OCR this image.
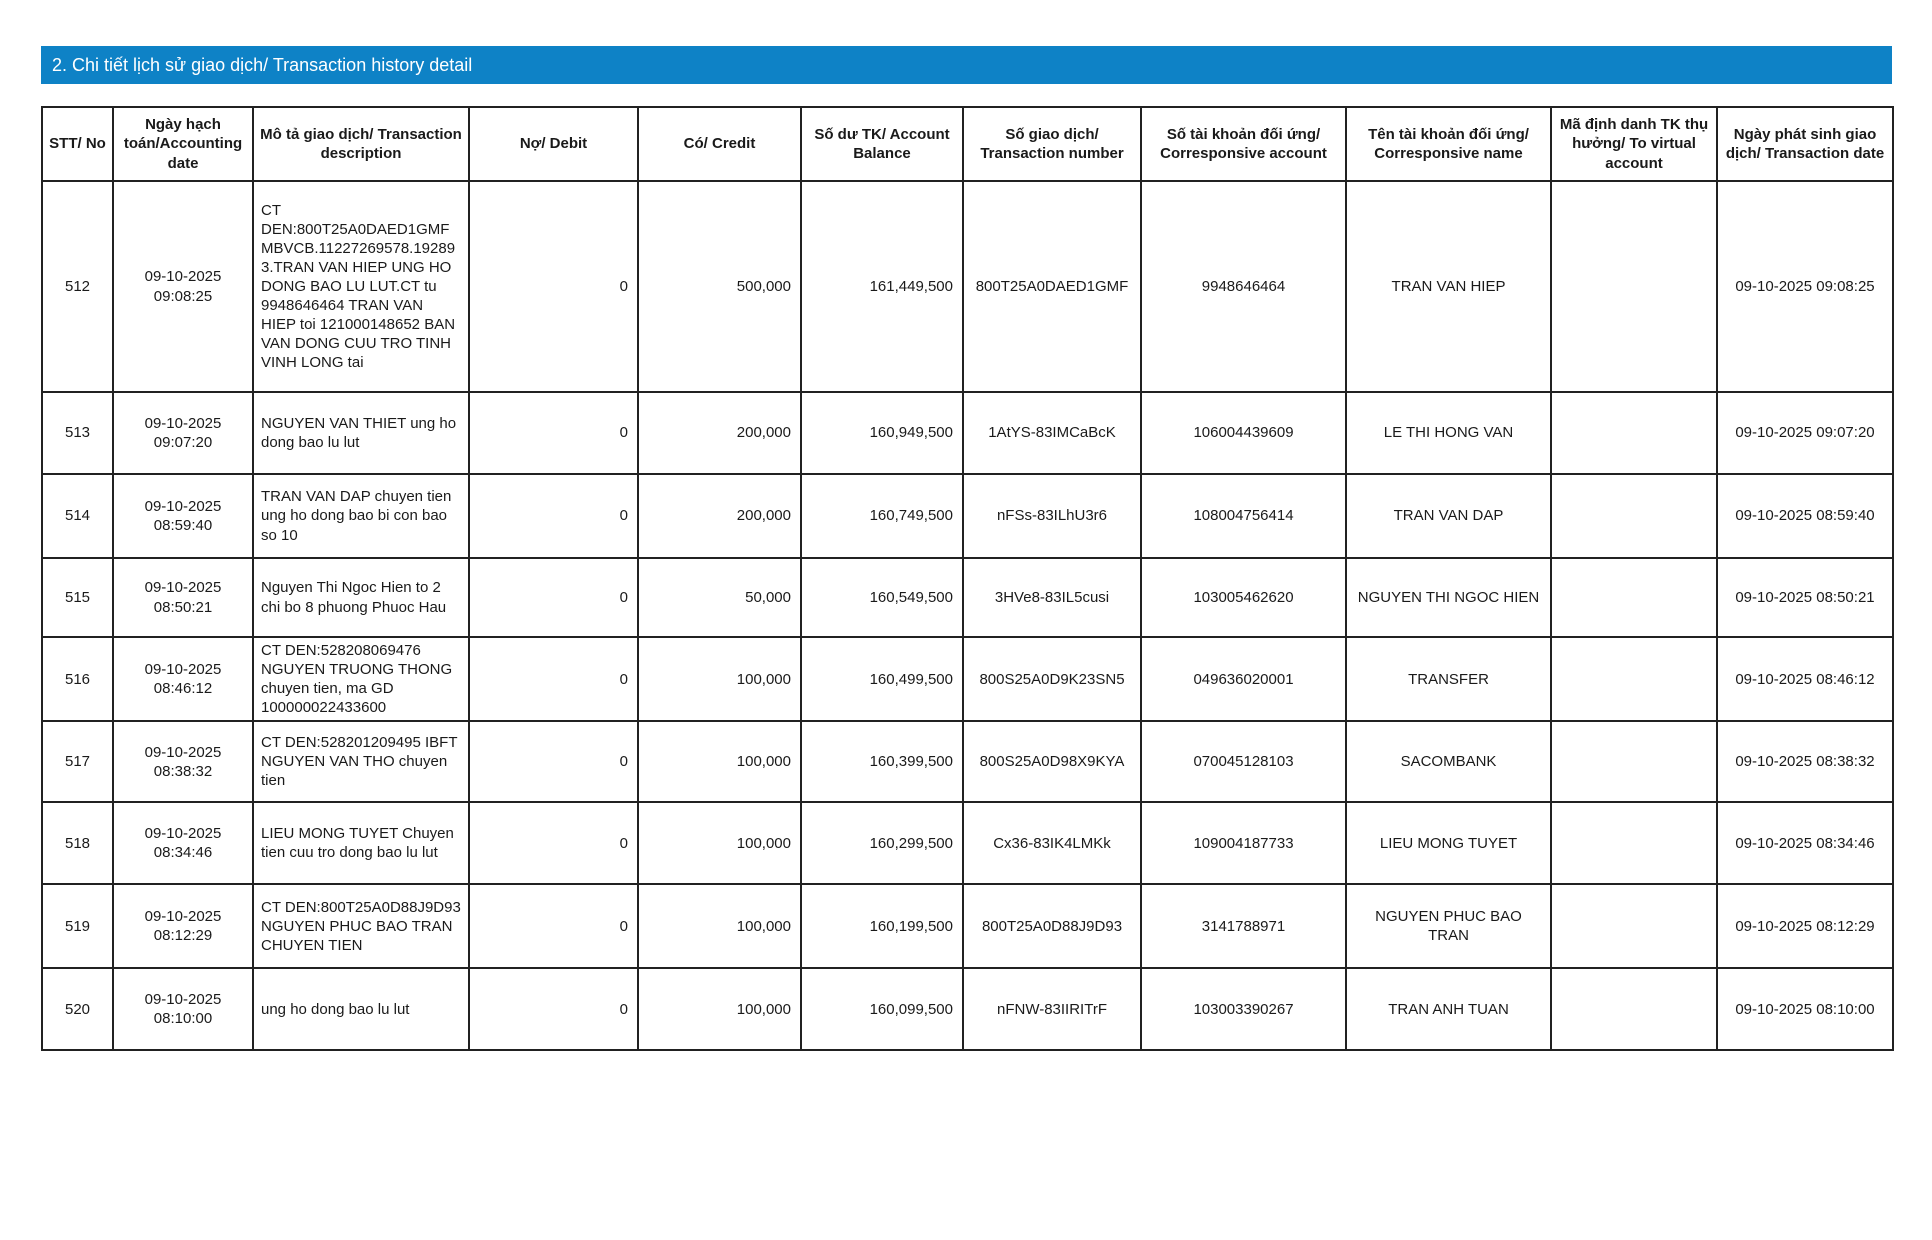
2. Chi tiết lịch sử giao dịch/ Transaction history detail
STT/ No	Ngày hạch toán/Accounting date	Mô tả giao dịch/ Transaction description	Nợ/ Debit	Có/ Credit	Số dư TK/ Account Balance	Số giao dịch/ Transaction number	Số tài khoản đối ứng/ Corresponsive account	Tên tài khoản đối ứng/ Corresponsive name	Mã định danh TK thụ hưởng/ To virtual account	Ngày phát sinh giao dịch/ Transaction date
512	09-10-2025 09:08:25	CT DEN:800T25A0DAED1GMF MBVCB.11227269578.192893.TRAN VAN HIEP UNG HO DONG BAO LU LUT.CT tu 9948646464 TRAN VAN HIEP toi 121000148652 BAN VAN DONG CUU TRO TINH VINH LONG tai	0	500,000	161,449,500	800T25A0DAED1GMF	9948646464	TRAN VAN HIEP		09-10-2025 09:08:25
513	09-10-2025 09:07:20	NGUYEN VAN THIET ung ho dong bao lu lut	0	200,000	160,949,500	1AtYS-83IMCaBcK	106004439609	LE THI HONG VAN		09-10-2025 09:07:20
514	09-10-2025 08:59:40	TRAN VAN DAP chuyen tien ung ho dong bao bi con bao so 10	0	200,000	160,749,500	nFSs-83ILhU3r6	108004756414	TRAN VAN DAP		09-10-2025 08:59:40
515	09-10-2025 08:50:21	Nguyen Thi Ngoc Hien to 2 chi bo 8 phuong Phuoc Hau	0	50,000	160,549,500	3HVe8-83IL5cusi	103005462620	NGUYEN THI NGOC HIEN		09-10-2025 08:50:21
516	09-10-2025 08:46:12	CT DEN:528208069476 NGUYEN TRUONG THONG chuyen tien, ma GD 100000022433600	0	100,000	160,499,500	800S25A0D9K23SN5	049636020001	TRANSFER		09-10-2025 08:46:12
517	09-10-2025 08:38:32	CT DEN:528201209495 IBFT NGUYEN VAN THO chuyen tien	0	100,000	160,399,500	800S25A0D98X9KYA	070045128103	SACOMBANK		09-10-2025 08:38:32
518	09-10-2025 08:34:46	LIEU MONG TUYET Chuyen tien cuu tro dong bao lu lut	0	100,000	160,299,500	Cx36-83IK4LMKk	109004187733	LIEU MONG TUYET		09-10-2025 08:34:46
519	09-10-2025 08:12:29	CT DEN:800T25A0D88J9D93 NGUYEN PHUC BAO TRAN CHUYEN TIEN	0	100,000	160,199,500	800T25A0D88J9D93	3141788971	NGUYEN PHUC BAO TRAN		09-10-2025 08:12:29
520	09-10-2025 08:10:00	ung ho dong bao lu lut	0	100,000	160,099,500	nFNW-83IIRITrF	103003390267	TRAN ANH TUAN		09-10-2025 08:10:00
